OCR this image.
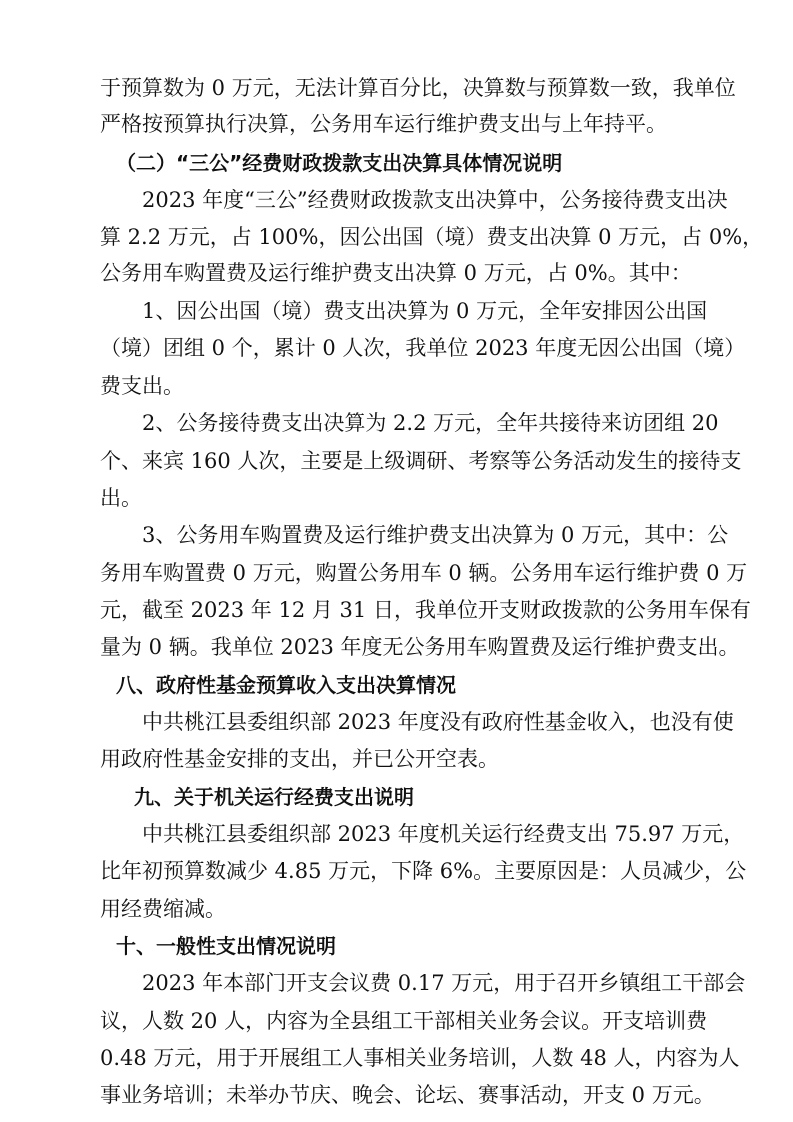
于预算数为 0 万元，无法计算百分比，决算数与预算数一致，我单位
严格按预算执行决算，公务用车运行维护费支出与上年持平。
（二）“三公”经费财政拨款支出决算具体情况说明
2023 年度“三公”经费财政拨款支出决算中，公务接待费支出决
算 2.2 万元，占 100%，因公出国（境）费支出决算 0 万元，占 0%，
公务用车购置费及运行维护费支出决算 0 万元，占 0%。其中：
1、因公出国（境）费支出决算为 0 万元，全年安排因公出国
（境）团组 0 个，累计 0 人次，我单位 2023 年度无因公出国（境）
费支出。
2、公务接待费支出决算为 2.2 万元，全年共接待来访团组 20
个、来宾 160 人次，主要是上级调研、考察等公务活动发生的接待支
出。
3、公务用车购置费及运行维护费支出决算为 0 万元，其中：公
务用车购置费 0 万元，购置公务用车 0 辆。公务用车运行维护费 0 万
元，截至 2023 年 12 月 31 日，我单位开支财政拨款的公务用车保有
量为 0 辆。我单位 2023 年度无公务用车购置费及运行维护费支出。
八、政府性基金预算收入支出决算情况
中共桃江县委组织部 2023 年度没有政府性基金收入，也没有使
用政府性基金安排的支出，并已公开空表。
九、关于机关运行经费支出说明
中共桃江县委组织部 2023 年度机关运行经费支出 75.97 万元，
比年初预算数减少 4.85 万元，下降 6%。主要原因是：人员减少，公
用经费缩减。
十、一般性支出情况说明
2023 年本部门开支会议费 0.17 万元，用于召开乡镇组工干部会
议，人数 20 人，内容为全县组工干部相关业务会议。开支培训费
0.48 万元，用于开展组工人事相关业务培训，人数 48 人，内容为人
事业务培训；未举办节庆、晚会、论坛、赛事活动，开支 0 万元。
